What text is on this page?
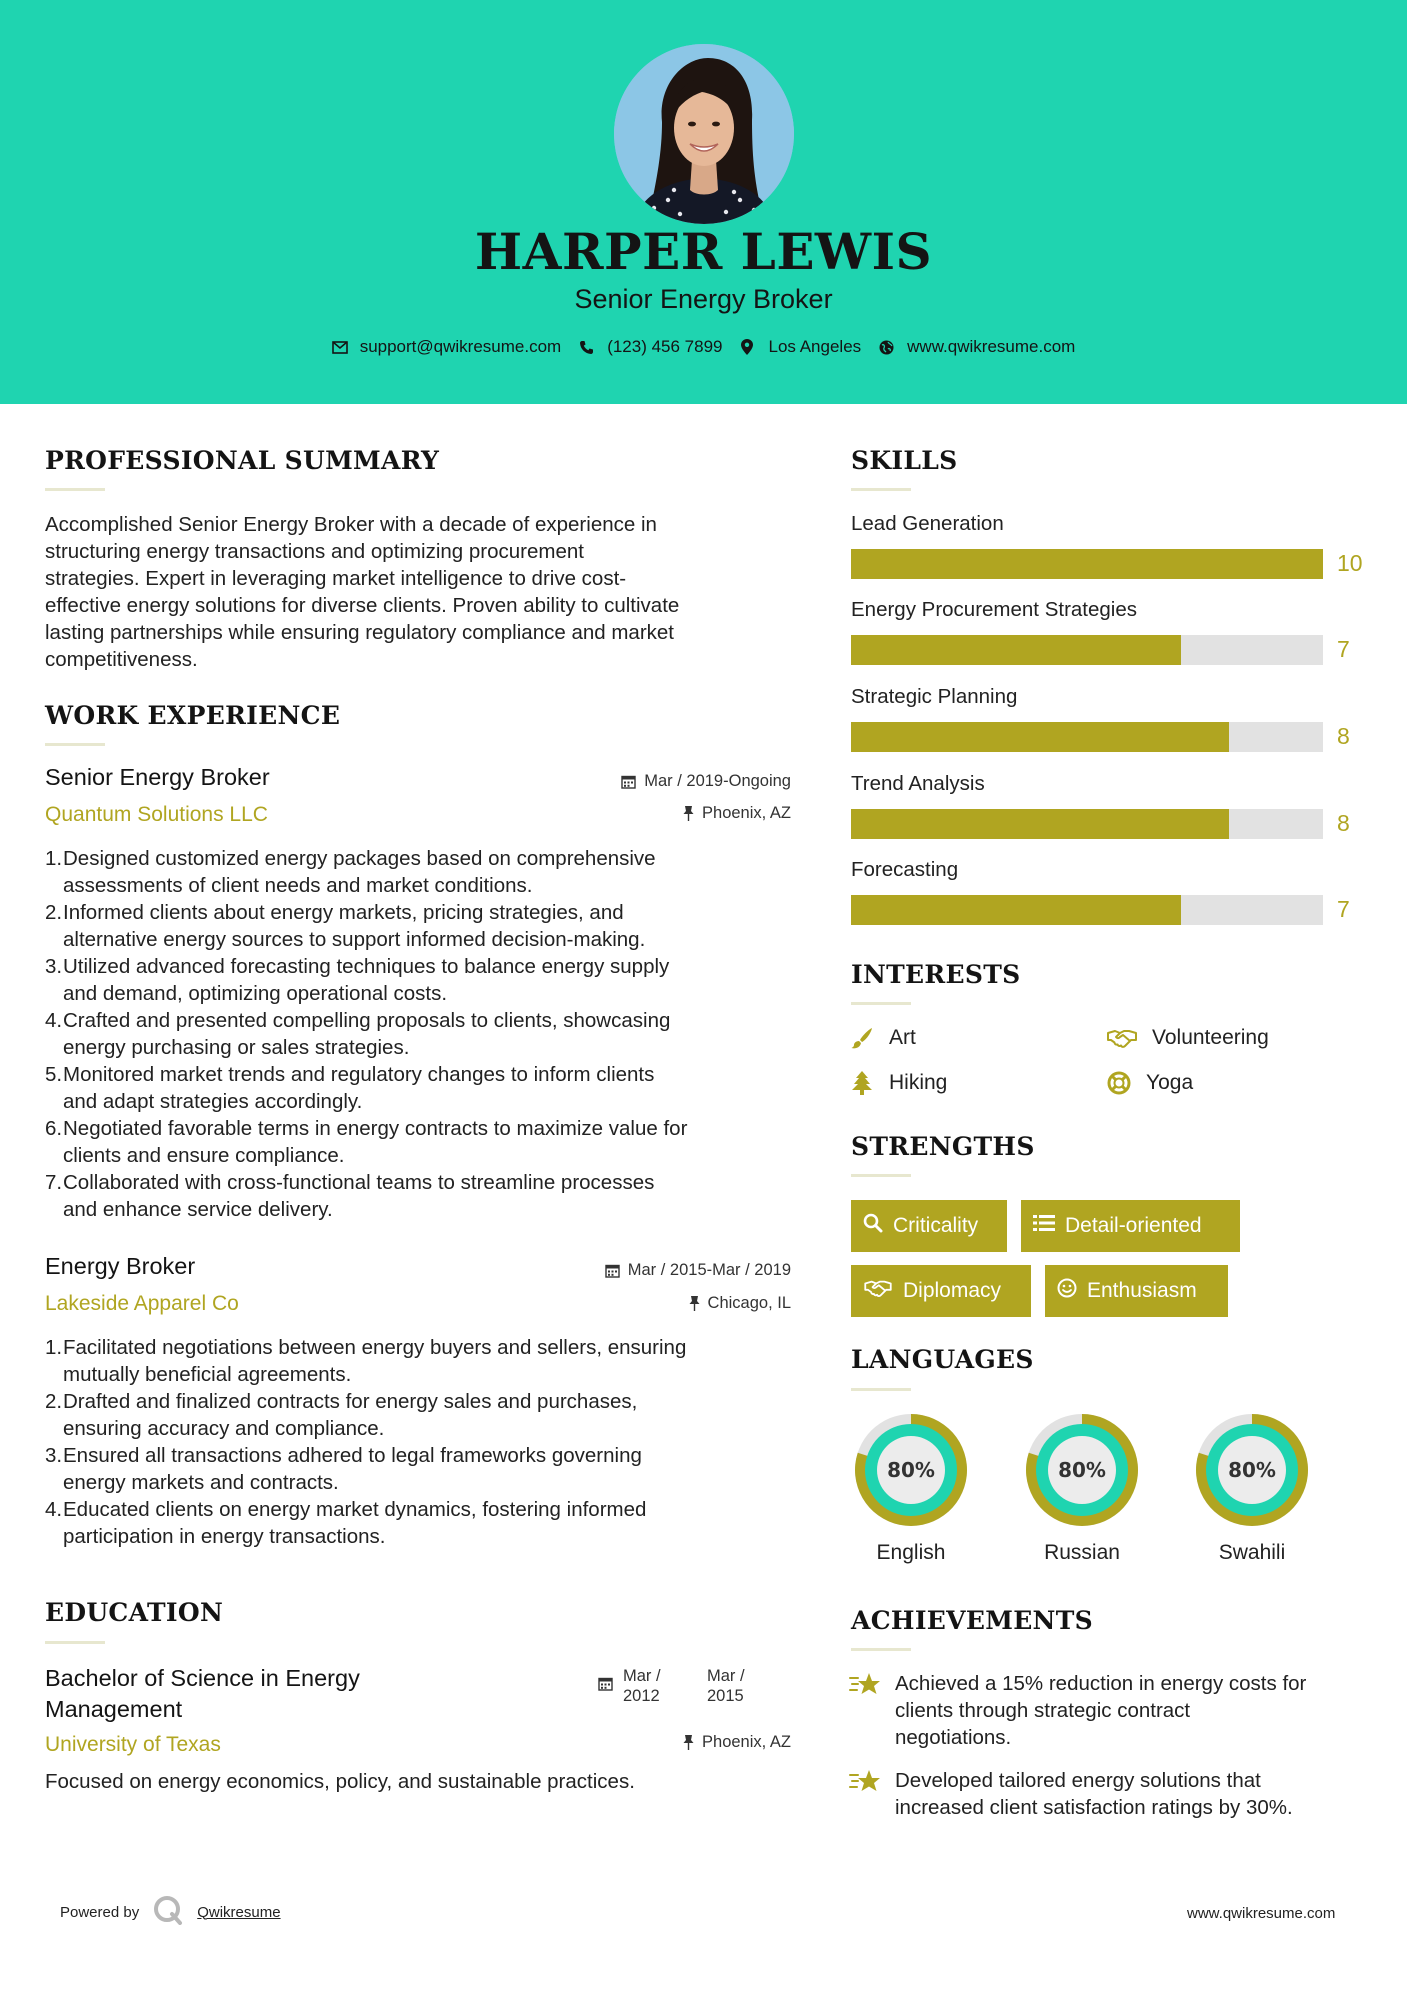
HARPER LEWIS
Senior Energy Broker
support@qwikresume.com	(123) 456 7899	Los Angeles	www.qwikresume.com
PROFESSIONAL SUMMARY
Accomplished Senior Energy Broker with a decade of experience in
structuring energy transactions and optimizing procurement
strategies. Expert in leveraging market intelligence to drive cost-
effective energy solutions for diverse clients. Proven ability to cultivate
lasting partnerships while ensuring regulatory compliance and market
competitiveness.
WORK EXPERIENCE
Senior Energy Broker
Quantum Solutions LLC
Mar / 2019-Ongoing
Phoenix, AZ
1. Designed customized energy packages based on comprehensive
assessments of client needs and market conditions.
2. Informed clients about energy markets, pricing strategies, and
alternative energy sources to support informed decision-making.
3. Utilized advanced forecasting techniques to balance energy supply
and demand, optimizing operational costs.
4. Crafted and presented compelling proposals to clients, showcasing
energy purchasing or sales strategies.
5. Monitored market trends and regulatory changes to inform clients
and adapt strategies accordingly.
6. Negotiated favorable terms in energy contracts to maximize value for
clients and ensure compliance.
7. Collaborated with cross-functional teams to streamline processes
and enhance service delivery.
Energy Broker
Lakeside Apparel Co
Mar / 2015-Mar / 2019
Chicago, IL
1. Facilitated negotiations between energy buyers and sellers, ensuring
mutually beneficial agreements.
2. Drafted and finalized contracts for energy sales and purchases,
ensuring accuracy and compliance.
3. Ensured all transactions adhered to legal frameworks governing
energy markets and contracts.
4. Educated clients on energy market dynamics, fostering informed
participation in energy transactions.
EDUCATION
Bachelor of Science in Energy
Management
University of Texas
Mar /
2012
Mar /
2015
Phoenix, AZ
Focused on energy economics, policy, and sustainable practices.
SKILLS
Lead Generation
10
Energy Procurement Strategies
7
Strategic Planning
8
Trend Analysis
8
Forecasting
7
INTERESTS
Art	Volunteering
Hiking	Yoga
STRENGTHS
Criticality	Detail-oriented
Diplomacy	Enthusiasm
LANGUAGES
80%
English
80%
Russian
80%
Swahili
ACHIEVEMENTS
Achieved a 15% reduction in energy costs for
clients through strategic contract
negotiations.
Developed tailored energy solutions that
increased client satisfaction ratings by 30%.
Powered by	Qwikresume	www.qwikresume.com
